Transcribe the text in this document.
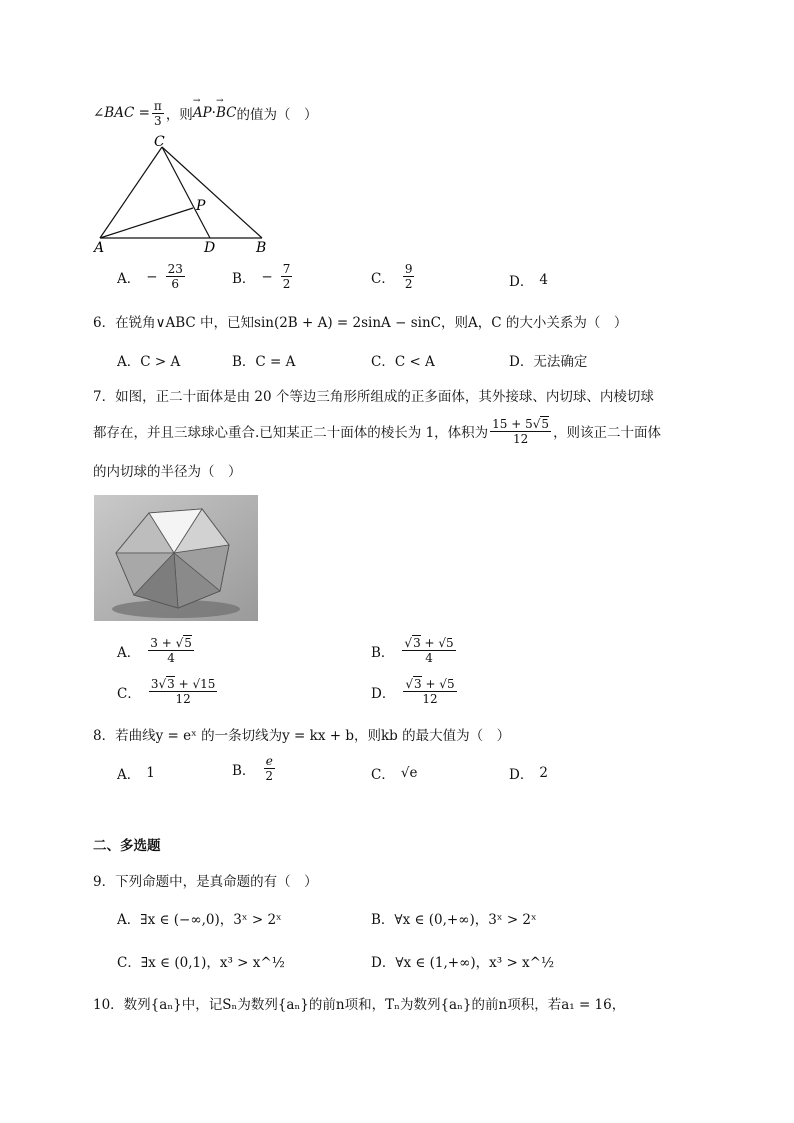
∠BAC = $\frac{\pi}{3}$ ，则 → AP · → BC 的值为（　）
C
P
A	D	B
A． − $\frac{23}{6}$	B． − $\frac{7}{2}$	C． $\frac{9}{2}$	D． 4
6．在锐角∨ABC 中，已知sin(2B + A) = 2sinA − sinC，则A，C 的大小关系为（　）
A．C > A	B．C = A	C．C < A	D．无法确定
7．如图，正二十面体是由 20 个等边三角形所组成的正多面体，其外接球、内切球、内棱切球
都存在，并且三球球心重合.已知某正二十面体的棱长为 1，体积为 $\frac{15 + 5√5}{12}$ ，则该正二十面体
的内切球的半径为（　）
A． $\frac{3 + √5}{4}$	B． $\frac{√3 + √5}{4}$
C． $\frac{3√3 + √15}{12}$	D． $\frac{√3 + √5}{12}$
8．若曲线y = eˣ 的一条切线为y = kx + b，则kb 的最大值为（　）
A． 1	B． $\frac{e}{2}$	C． √e	D． 2
二、多选题
9．下列命题中，是真命题的有（　）
A．∃x ∈ (−∞,0)，3ˣ > 2ˣ	B．∀x ∈ (0,+∞)，3ˣ > 2ˣ
C．∃x ∈ (0,1)，x³ > x^½	D．∀x ∈ (1,+∞)，x³ > x^½
10．数列{aₙ}中，记Sₙ为数列{aₙ}的前n项和，Tₙ为数列{aₙ}的前n项积，若a₁ = 16，
